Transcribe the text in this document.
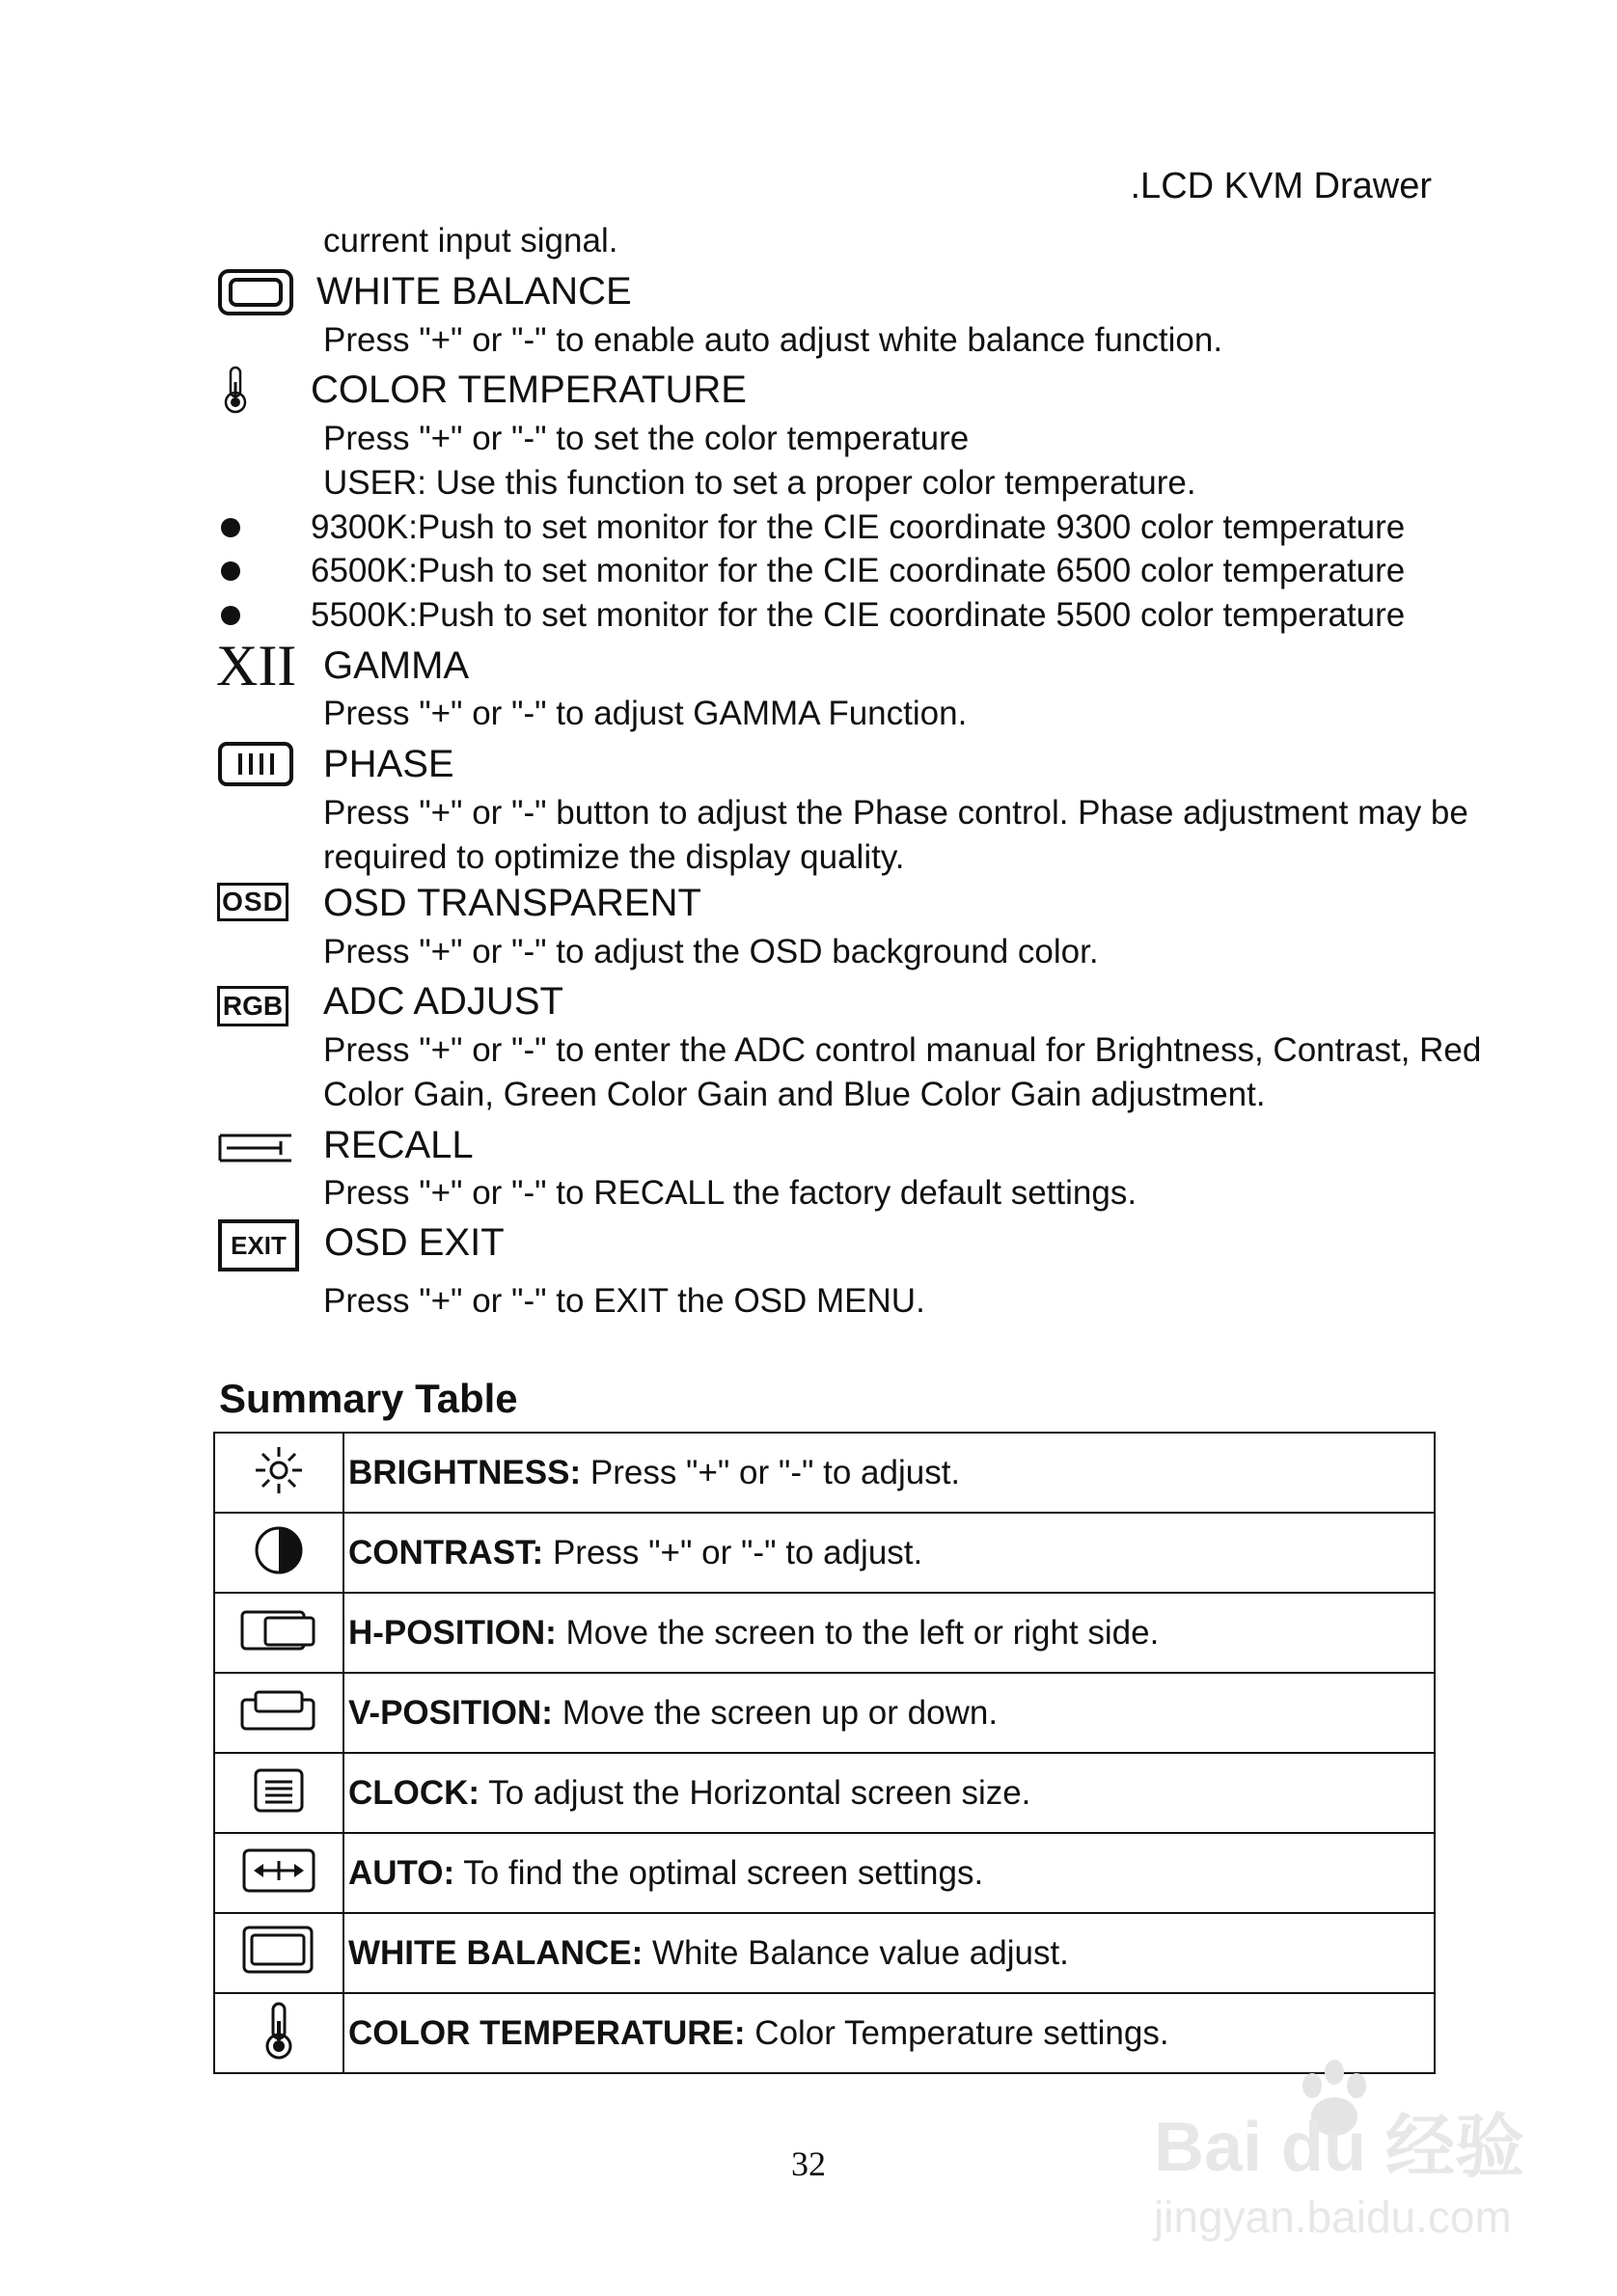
.LCD KVM Drawer
current input signal.
WHITE BALANCE
Press "+" or "-" to enable auto adjust white balance function.
COLOR TEMPERATURE
Press "+" or "-" to set the color temperature
USER: Use this function to set a proper color temperature.
9300K:Push to set monitor for the CIE coordinate 9300 color temperature
6500K:Push to set monitor for the CIE coordinate 6500 color temperature
5500K:Push to set monitor for the CIE coordinate 5500 color temperature
XII GAMMA
Press "+" or "-" to adjust GAMMA Function.
PHASE
Press "+" or "-" button to adjust the Phase control. Phase adjustment may be
required to optimize the display quality.
OSD OSD TRANSPARENT
Press "+" or "-" to adjust the OSD background color.
RGB ADC ADJUST
Press "+" or "-" to enter the ADC control manual for Brightness, Contrast, Red
Color Gain, Green Color Gain and Blue Color Gain adjustment.
RECALL
Press "+" or "-" to RECALL the factory default settings.
EXIT OSD EXIT
Press "+" or "-" to EXIT the OSD MENU.
Summary Table
	BRIGHTNESS: Press "+" or "-" to adjust.
	CONTRAST: Press "+" or "-" to adjust.
	H-POSITION: Move the screen to the left or right side.
	V-POSITION: Move the screen up or down.
	CLOCK: To adjust the Horizontal screen size.
	AUTO: To find the optimal screen settings.
	WHITE BALANCE: White Balance value adjust.
	COLOR TEMPERATURE: Color Temperature settings.
32	Bai du 经验
jingyan.baidu.com
